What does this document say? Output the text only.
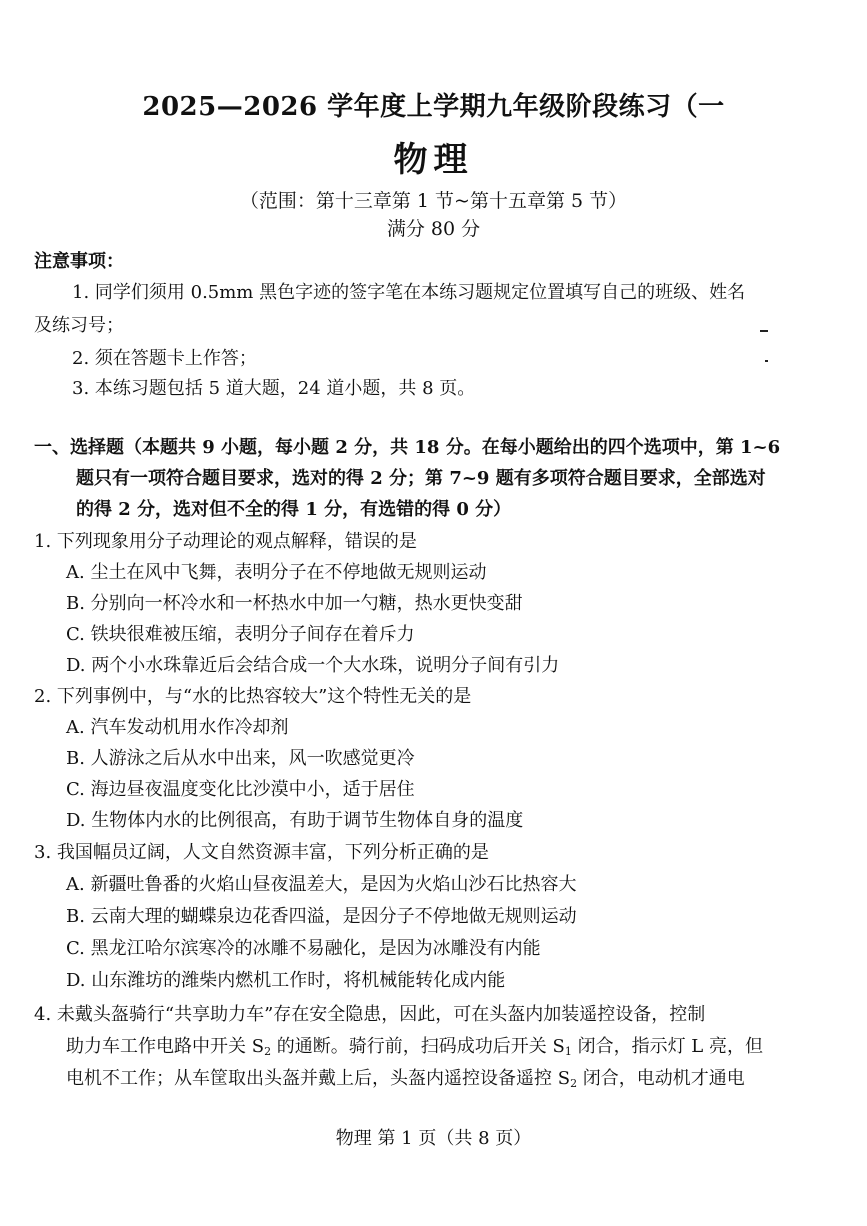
2025—2026 学年度上学期九年级阶段练习（一
物理
（范围：第十三章第 1 节~第十五章第 5 节）
满分 80 分
注意事项：
1. 同学们须用 0.5mm 黑色字迹的签字笔在本练习题规定位置填写自己的班级、姓名
及练习号；
2. 须在答题卡上作答；
3. 本练习题包括 5 道大题，24 道小题，共 8 页。
一、选择题（本题共 9 小题，每小题 2 分，共 18 分。在每小题给出的四个选项中，第 1~6
题只有一项符合题目要求，选对的得 2 分；第 7~9 题有多项符合题目要求，全部选对
的得 2 分，选对但不全的得 1 分，有选错的得 0 分）
1. 下列现象用分子动理论的观点解释，错误的是
A. 尘土在风中飞舞，表明分子在不停地做无规则运动
B. 分别向一杯冷水和一杯热水中加一勺糖，热水更快变甜
C. 铁块很难被压缩，表明分子间存在着斥力
D. 两个小水珠靠近后会结合成一个大水珠，说明分子间有引力
2. 下列事例中，与“水的比热容较大”这个特性无关的是
A. 汽车发动机用水作冷却剂
B. 人游泳之后从水中出来，风一吹感觉更冷
C. 海边昼夜温度变化比沙漠中小，适于居住
D. 生物体内水的比例很高，有助于调节生物体自身的温度
3. 我国幅员辽阔，人文自然资源丰富，下列分析正确的是
A. 新疆吐鲁番的火焰山昼夜温差大，是因为火焰山沙石比热容大
B. 云南大理的蝴蝶泉边花香四溢，是因分子不停地做无规则运动
C. 黑龙江哈尔滨寒冷的冰雕不易融化，是因为冰雕没有内能
D. 山东潍坊的潍柴内燃机工作时，将机械能转化成内能
4. 未戴头盔骑行“共享助力车”存在安全隐患，因此，可在头盔内加装遥控设备，控制
助力车工作电路中开关 $S_2$ 的通断。骑行前，扫码成功后开关 $S_1$ 闭合，指示灯 L 亮，但
电机不工作；从车筐取出头盔并戴上后，头盔内遥控设备遥控 $S_2$ 闭合，电动机才通电
物理 第 1 页（共 8 页）
